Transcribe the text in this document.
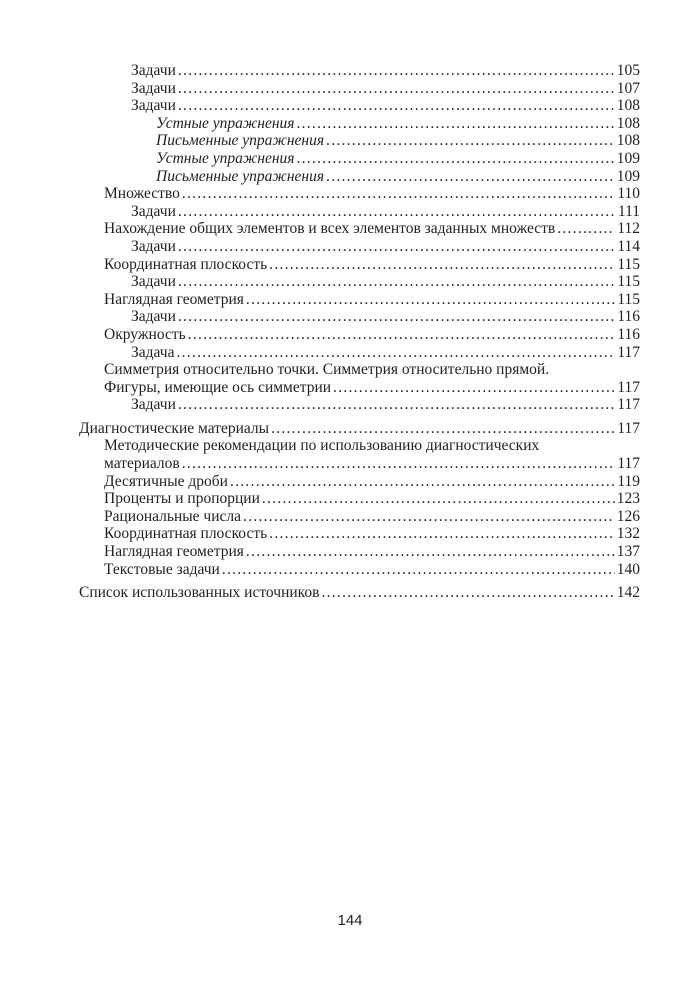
Задачи . . .	105
Задачи . . .	107
Задачи . . .	108
Устные упражнения . . .	108
Письменные упражнения . . .	108
Устные упражнения . . .	109
Письменные упражнения . . .	109
Множество . . .	110
Задачи . . .	111
Нахождение общих элементов и всех элементов заданных множеств . . .	112
Задачи . . .	114
Координатная плоскость . . .	115
Задачи . . .	115
Наглядная геометрия . . .	115
Задачи . . .	116
Окружность . . .	116
Задача . . .	117
Симметрия относительно точки. Симметрия относительно прямой.
Фигуры, имеющие ось симметрии . . .	117
Задачи . . .	117
Диагностические материалы . . .	117
Методические рекомендации по использованию диагностических
материалов . . .	117
Десятичные дроби . . .	119
Проценты и пропорции . . .	123
Рациональные числа . . .	126
Координатная плоскость . . .	132
Наглядная геометрия . . .	137
Текстовые задачи . . .	140
Список использованных источников . . .	142
144
